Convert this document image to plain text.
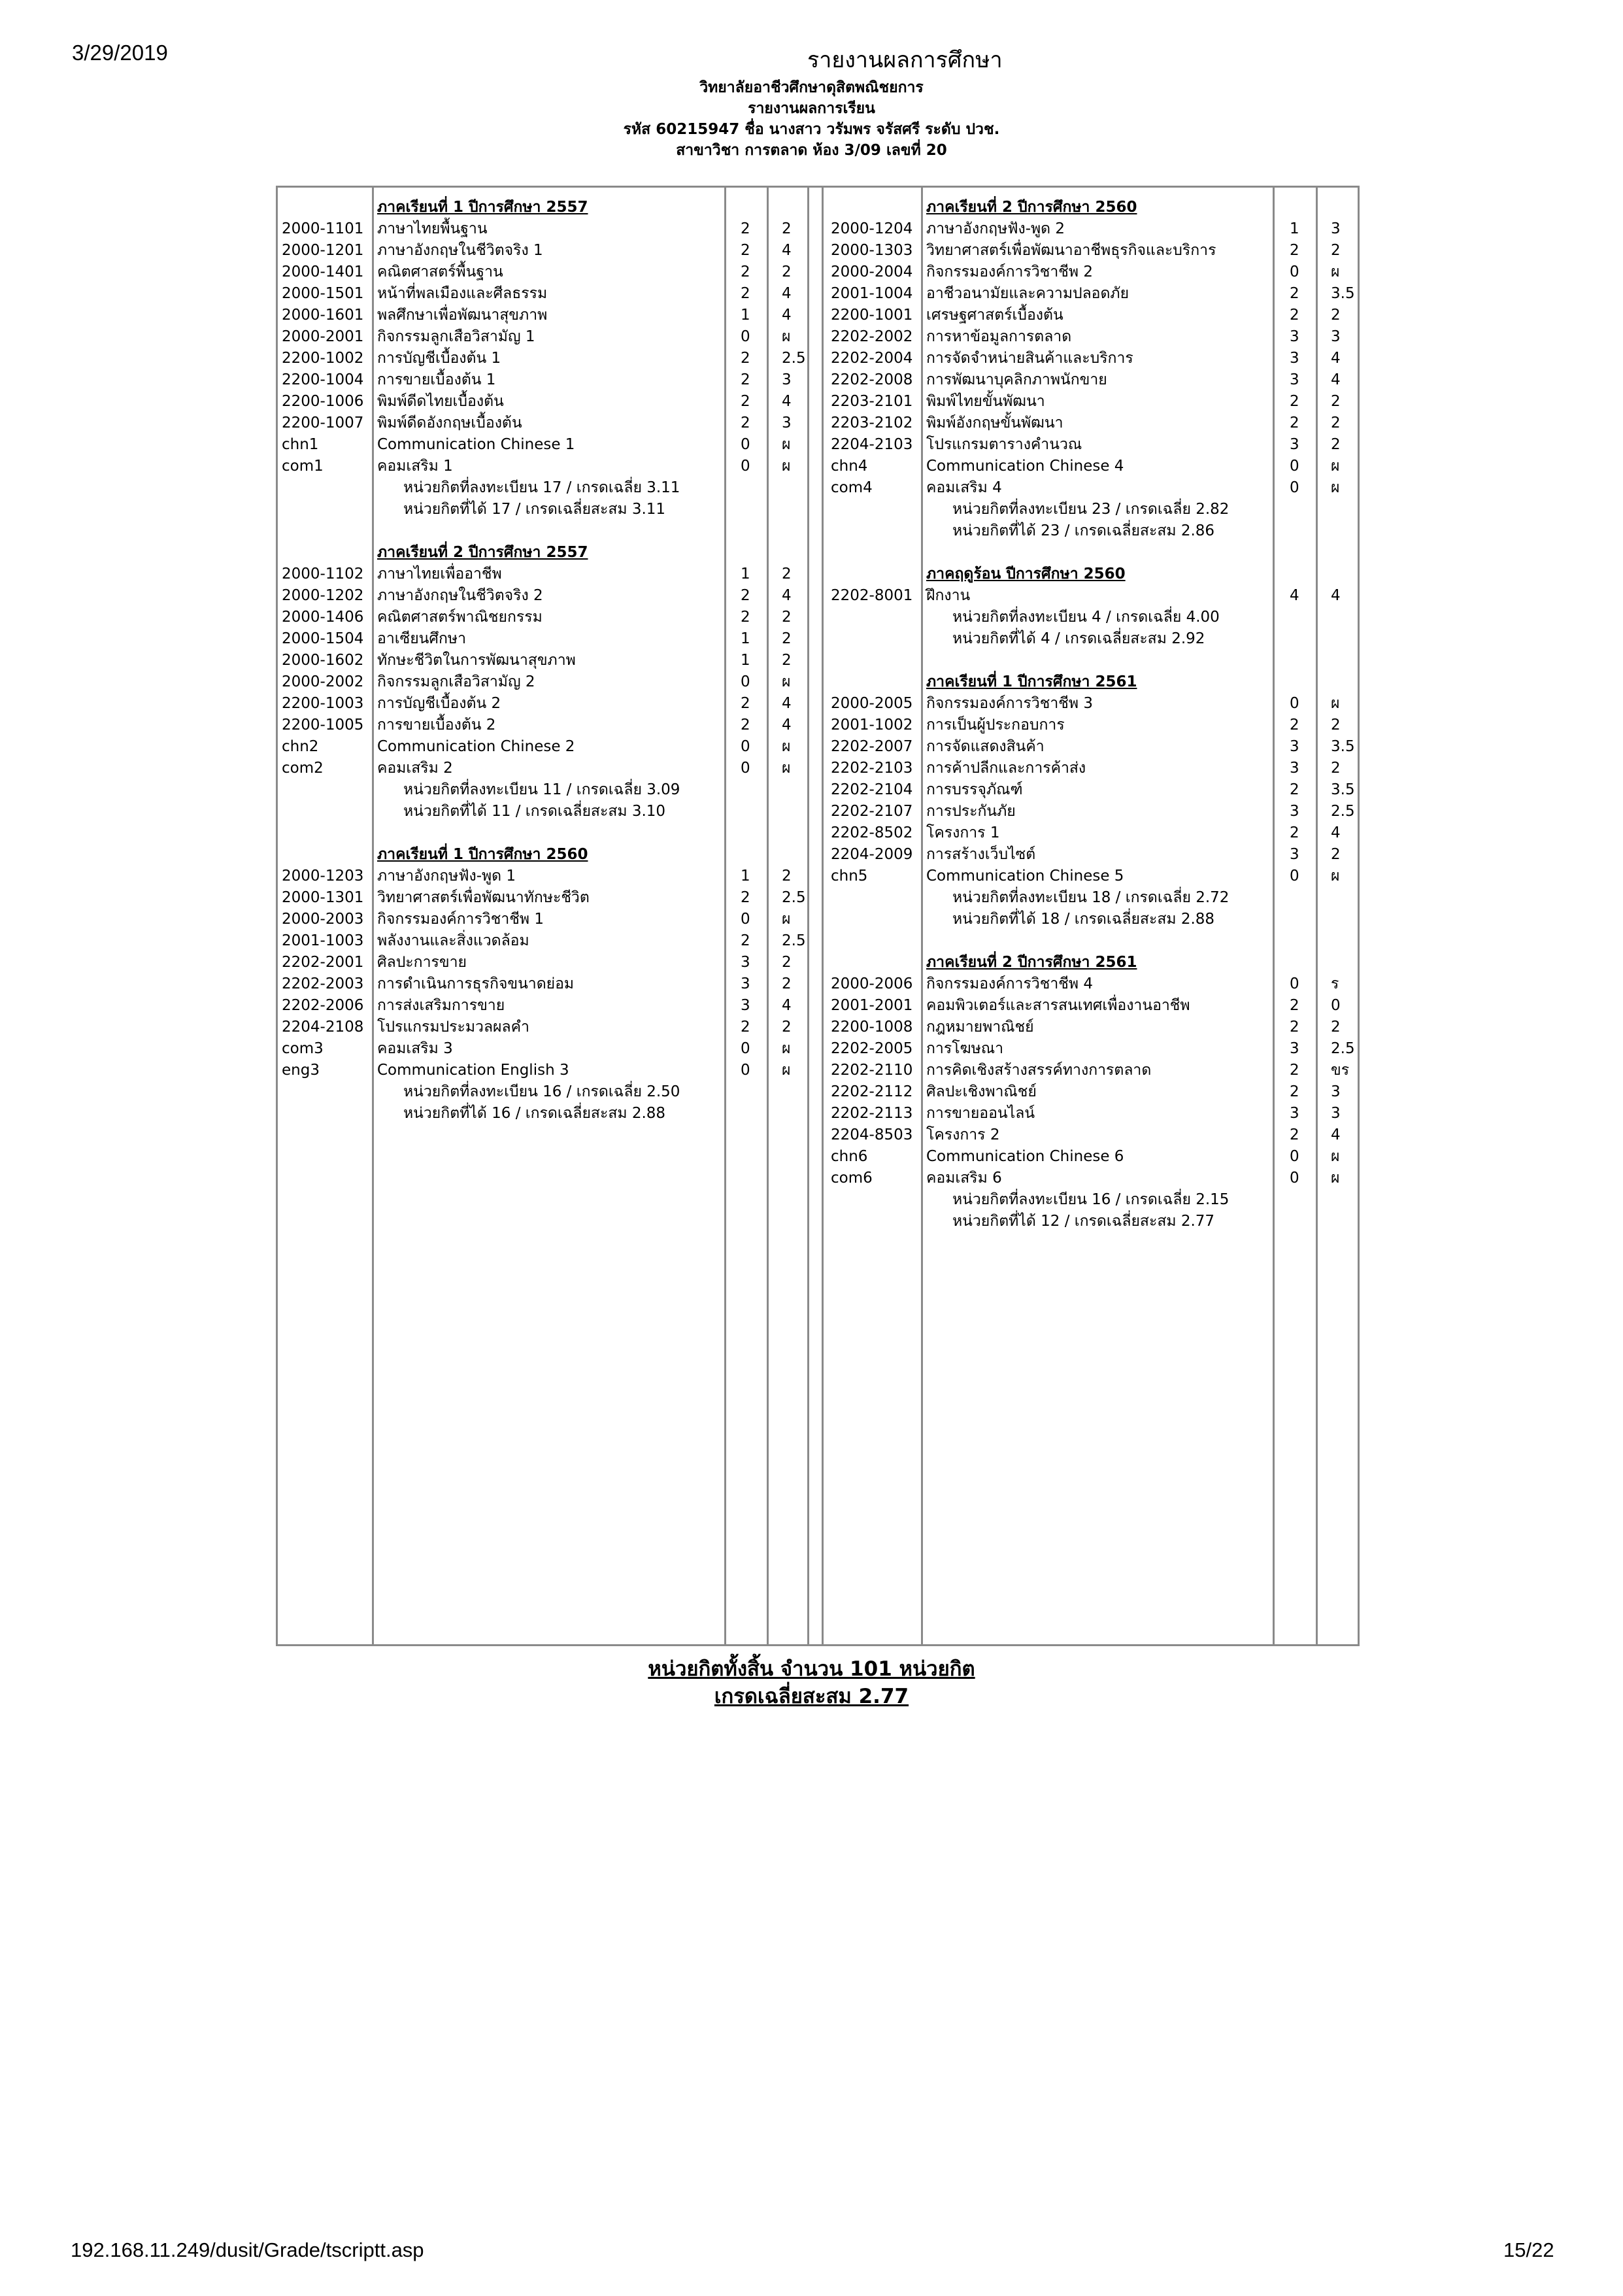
3/29/2019	รายงานผลการศึกษา
วิทยาลัยอาชีวศึกษาดุสิตพณิชยการ
รายงานผลการเรียน
รหัส 60215947 ชื่อ นางสาว วรัมพร จรัสศรี ระดับ ปวช.
สาขาวิชา การตลาด ห้อง 3/09 เลขที่ 20
ภาคเรียนที่ 1 ปีการศึกษา 2557
2000-1101 ภาษาไทยพื้นฐาน	2 2
2000-1201 ภาษาอังกฤษในชีวิตจริง 1	2 4
2000-1401 คณิตศาสตร์พื้นฐาน	2 2
2000-1501 หน้าที่พลเมืองและศีลธรรม	2 4
2000-1601 พลศึกษาเพื่อพัฒนาสุขภาพ	1 4
2000-2001 กิจกรรมลูกเสือวิสามัญ 1	0 ผ
2200-1002 การบัญชีเบื้องต้น 1	2 2.5
2200-1004 การขายเบื้องต้น 1	2 3
2200-1006 พิมพ์ดีดไทยเบื้องต้น	2 4
2200-1007 พิมพ์ดีดอังกฤษเบื้องต้น	2 3
chn1	Communication Chinese 1	0 ผ
com1	คอมเสริม 1	0 ผ
หน่วยกิตที่ลงทะเบียน 17 / เกรดเฉลี่ย 3.11
หน่วยกิตที่ได้ 17 / เกรดเฉลี่ยสะสม 3.11
ภาคเรียนที่ 2 ปีการศึกษา 2557
2000-1102 ภาษาไทยเพื่ออาชีพ	1 2
2000-1202 ภาษาอังกฤษในชีวิตจริง 2	2 4
2000-1406 คณิตศาสตร์พาณิชยกรรม	2 2
2000-1504 อาเซียนศึกษา	1 2
2000-1602 ทักษะชีวิตในการพัฒนาสุขภาพ	1 2
2000-2002 กิจกรรมลูกเสือวิสามัญ 2	0 ผ
2200-1003 การบัญชีเบื้องต้น 2	2 4
2200-1005 การขายเบื้องต้น 2	2 4
chn2	Communication Chinese 2	0 ผ
com2	คอมเสริม 2	0 ผ
หน่วยกิตที่ลงทะเบียน 11 / เกรดเฉลี่ย 3.09
หน่วยกิตที่ได้ 11 / เกรดเฉลี่ยสะสม 3.10
ภาคเรียนที่ 1 ปีการศึกษา 2560
2000-1203 ภาษาอังกฤษฟัง-พูด 1	1 2
2000-1301 วิทยาศาสตร์เพื่อพัฒนาทักษะชีวิต	2 2.5
2000-2003 กิจกรรมองค์การวิชาชีพ 1	0 ผ
2001-1003 พลังงานและสิ่งแวดล้อม	2 2.5
2202-2001 ศิลปะการขาย	3 2
2202-2003 การดำเนินการธุรกิจขนาดย่อม	3 2
2202-2006 การส่งเสริมการขาย	3 4
2204-2108 โปรแกรมประมวลผลคำ	2 2
com3	คอมเสริม 3	0 ผ
eng3	Communication English 3	0 ผ
หน่วยกิตที่ลงทะเบียน 16 / เกรดเฉลี่ย 2.50
หน่วยกิตที่ได้ 16 / เกรดเฉลี่ยสะสม 2.88
ภาคเรียนที่ 2 ปีการศึกษา 2560
2000-1204 ภาษาอังกฤษฟัง-พูด 2	1 3
2000-1303 วิทยาศาสตร์เพื่อพัฒนาอาชีพธุรกิจและบริการ	2 2
2000-2004 กิจกรรมองค์การวิชาชีพ 2	0 ผ
2001-1004 อาชีวอนามัยและความปลอดภัย	2 3.5
2200-1001 เศรษฐศาสตร์เบื้องต้น	2 2
2202-2002 การหาข้อมูลการตลาด	3 3
2202-2004 การจัดจำหน่ายสินค้าและบริการ	3 4
2202-2008 การพัฒนาบุคลิกภาพนักขาย	3 4
2203-2101 พิมพ์ไทยขั้นพัฒนา	2 2
2203-2102 พิมพ์อังกฤษขั้นพัฒนา	2 2
2204-2103 โปรแกรมตารางคำนวณ	3 2
chn4	Communication Chinese 4	0 ผ
com4	คอมเสริม 4	0 ผ
หน่วยกิตที่ลงทะเบียน 23 / เกรดเฉลี่ย 2.82
หน่วยกิตที่ได้ 23 / เกรดเฉลี่ยสะสม 2.86
ภาคฤดูร้อน ปีการศึกษา 2560
2202-8001 ฝึกงาน	4 4
หน่วยกิตที่ลงทะเบียน 4 / เกรดเฉลี่ย 4.00
หน่วยกิตที่ได้ 4 / เกรดเฉลี่ยสะสม 2.92
ภาคเรียนที่ 1 ปีการศึกษา 2561
2000-2005 กิจกรรมองค์การวิชาชีพ 3	0 ผ
2001-1002 การเป็นผู้ประกอบการ	2 2
2202-2007 การจัดแสดงสินค้า	3 3.5
2202-2103 การค้าปลีกและการค้าส่ง	3 2
2202-2104 การบรรจุภัณฑ์	2 3.5
2202-2107 การประกันภัย	3 2.5
2202-8502 โครงการ 1	2 4
2204-2009 การสร้างเว็บไซต์	3 2
chn5	Communication Chinese 5	0 ผ
หน่วยกิตที่ลงทะเบียน 18 / เกรดเฉลี่ย 2.72
หน่วยกิตที่ได้ 18 / เกรดเฉลี่ยสะสม 2.88
ภาคเรียนที่ 2 ปีการศึกษา 2561
2000-2006 กิจกรรมองค์การวิชาชีพ 4	0 ร
2001-2001 คอมพิวเตอร์และสารสนเทศเพื่องานอาชีพ	2 0
2200-1008 กฎหมายพาณิชย์	2 2
2202-2005 การโฆษณา	3 2.5
2202-2110 การคิดเชิงสร้างสรรค์ทางการตลาด	2 ขร
2202-2112 ศิลปะเชิงพาณิชย์	2 3
2202-2113 การขายออนไลน์	3 3
2204-8503 โครงการ 2	2 4
chn6	Communication Chinese 6	0 ผ
com6	คอมเสริม 6	0 ผ
หน่วยกิตที่ลงทะเบียน 16 / เกรดเฉลี่ย 2.15
หน่วยกิตที่ได้ 12 / เกรดเฉลี่ยสะสม 2.77
หน่วยกิตทั้งสิ้น จำนวน 101 หน่วยกิต
เกรดเฉลี่ยสะสม 2.77
192.168.11.249/dusit/Grade/tscriptt.asp	15/22
